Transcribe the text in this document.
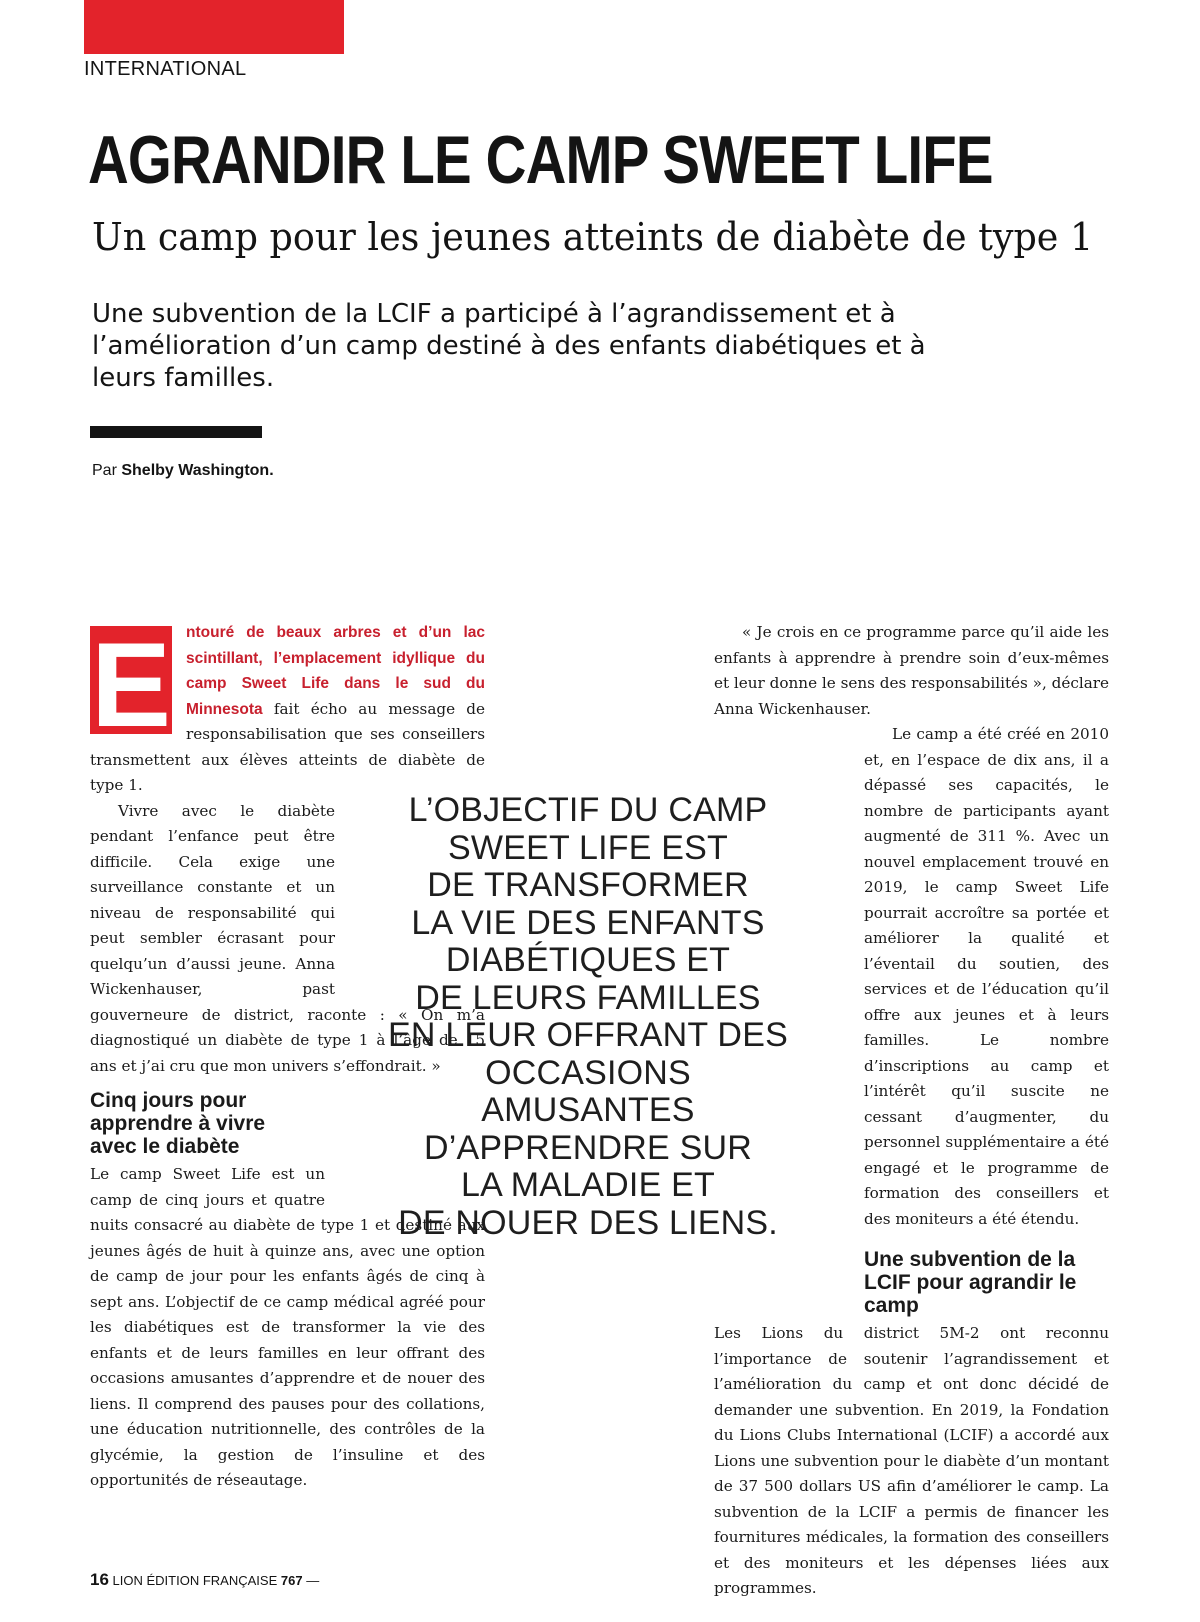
INTERNATIONAL
AGRANDIR LE CAMP SWEET LIFE
Un camp pour les jeunes atteints de diabète de type 1
Une subvention de la LCIF a participé à l’agrandissement et à l’amélioration d’un camp destiné à des enfants diabétiques et à leurs familles.
Par Shelby Washington.
E ntouré de beaux arbres et d’un lac scintillant, l’emplacement idyllique du camp Sweet Life dans le sud du Minnesota fait écho au message de responsabilisation que ses conseillers transmettent aux élèves atteints de diabète de type 1.

Vivre avec le diabète pendant l’enfance peut être difficile. Cela exige une surveillance constante et un niveau de responsabilité qui peut sembler écrasant pour quelqu’un d’aussi jeune. Anna Wickenhauser, past gouverneure de district, raconte : « On m’a diagnostiqué un diabète de type 1 à l’âge de 15 ans et j’ai cru que mon univers s’effondrait. »

Cinq jours pour apprendre à vivre avec le diabète

Le camp Sweet Life est un camp de cinq jours et quatre nuits consacré au diabète de type 1 et destiné aux jeunes âgés de huit à quinze ans, avec une option de camp de jour pour les enfants âgés de cinq à sept ans. L’objectif de ce camp médical agréé pour les diabétiques est de transformer la vie des enfants et de leurs familles en leur offrant des occasions amusantes d’apprendre et de nouer des liens. Il comprend des pauses pour des collations, une éducation nutritionnelle, des contrôles de la glycémie, la gestion de l’insuline et des opportunités de réseautage.

L’OBJECTIF DU CAMP
SWEET LIFE EST
DE TRANSFORMER
LA VIE DES ENFANTS
DIABÉTIQUES ET
DE LEURS FAMILLES
EN LEUR OFFRANT DES
OCCASIONS AMUSANTES
D’APPRENDRE SUR
LA MALADIE ET
DE NOUER DES LIENS.

« Je crois en ce programme parce qu’il aide les enfants à apprendre à prendre soin d’eux-mêmes et leur donne le sens des responsabilités », déclare Anna Wickenhauser.

Le camp a été créé en 2010 et, en l’espace de dix ans, il a dépassé ses capacités, le nombre de participants ayant augmenté de 311 %. Avec un nouvel emplacement trouvé en 2019, le camp Sweet Life pourrait accroître sa portée et améliorer la qualité et l’éventail du soutien, des services et de l’éducation qu’il offre aux jeunes et à leurs familles. Le nombre d’inscriptions au camp et l’intérêt qu’il suscite ne cessant d’augmenter, du personnel supplémentaire a été engagé et le programme de formation des conseillers et des moniteurs a été étendu.

Une subvention de la LCIF pour agrandir le camp

Les Lions du district 5M-2 ont reconnu l’importance de soutenir l’agrandissement et l’amélioration du camp et ont donc décidé de demander une subvention. En 2019, la Fondation du Lions Clubs International (LCIF) a accordé aux Lions une subvention pour le diabète d’un montant de 37 500 dollars US afin d’améliorer le camp. La subvention de la LCIF a permis de financer les fournitures médicales, la formation des conseillers et des moniteurs et les dépenses liées aux programmes.

16 LION ÉDITION FRANÇAISE 767 —
